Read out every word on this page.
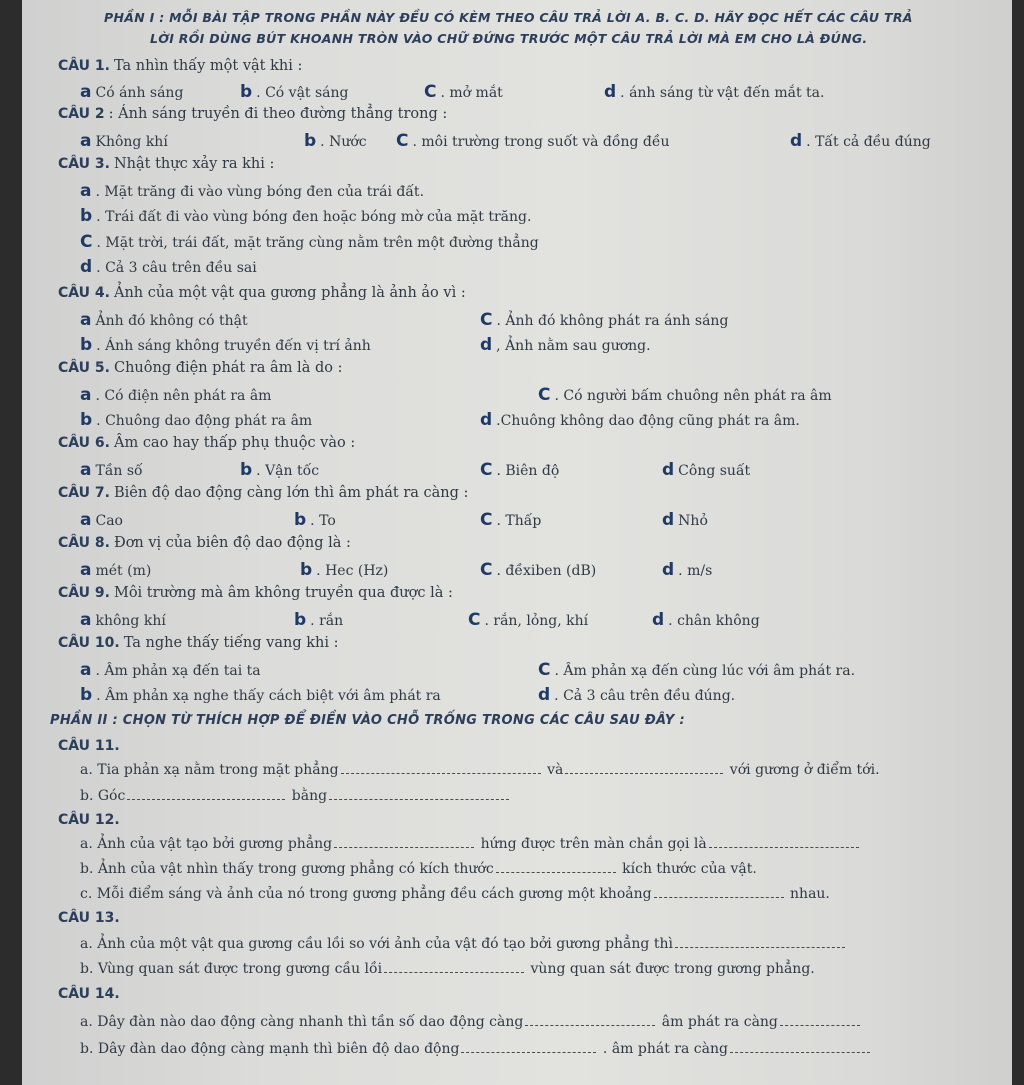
PHẦN I : MỖI BÀI TẬP TRONG PHẦN NÀY ĐỀU CÓ KÈM THEO CÂU TRẢ LỜI A. B. C. D. HÃY ĐỌC HẾT CÁC CÂU TRẢ
LỜI RỒI DÙNG BÚT KHOANH TRÒN VÀO CHỮ ĐỨNG TRƯỚC MỘT CÂU TRẢ LỜI MÀ EM CHO LÀ ĐÚNG.
CÂU 1. Ta nhìn thấy một vật khi :
a Có ánh sáng	b . Có vật sáng	C . mở mắt	d . ánh sáng từ vật đến mắt ta.
CÂU 2 : Ánh sáng truyền đi theo đường thẳng trong :
a Không khí	b . Nước C . môi trường trong suốt và đồng đều	d . Tất cả đều đúng
CÂU 3. Nhật thực xảy ra khi :
a . Mặt trăng đi vào vùng bóng đen của trái đất.
b . Trái đất đi vào vùng bóng đen hoặc bóng mờ của mặt trăng.
C . Mặt trời, trái đất, mặt trăng cùng nằm trên một đường thẳng
d . Cả 3 câu trên đều sai
CÂU 4. Ảnh của một vật qua gương phẳng là ảnh ảo vì :
a Ảnh đó không có thật	C . Ảnh đó không phát ra ánh sáng
b . Ánh sáng không truyền đến vị trí ảnh	d , Ảnh nằm sau gương.
CÂU 5. Chuông điện phát ra âm là do :
a . Có điện nên phát ra âm	C . Có người bấm chuông nên phát ra âm
b . Chuông dao động phát ra âm	d .Chuông không dao động cũng phát ra âm.
CÂU 6. Âm cao hay thấp phụ thuộc vào :
a Tần số	b . Vận tốc	C . Biên độ	d Công suất
CÂU 7. Biên độ dao động càng lớn thì âm phát ra càng :
a Cao	b . To	C . Thấp	d Nhỏ
CÂU 8. Đơn vị của biên độ dao động là :
a mét (m)	b . Hec (Hz)	C . đềxiben (dB)	d . m/s
CÂU 9. Môi trường mà âm không truyền qua được là :
a không khí	b . rắn	C . rắn, lỏng, khí	d . chân không
CÂU 10. Ta nghe thấy tiếng vang khi :
a . Âm phản xạ đến tai ta	C . Âm phản xạ đến cùng lúc với âm phát ra.
b . Âm phản xạ nghe thấy cách biệt với âm phát ra	d . Cả 3 câu trên đều đúng.
PHẦN II : CHỌN TỪ THÍCH HỢP ĐỂ ĐIỀN VÀO CHỖ TRỐNG TRONG CÁC CÂU SAU ĐÂY :
CÂU 11.
a. Tia phản xạ nằm trong mặt phẳng	và	với gương ở điểm tới.
b. Góc	bằng
CÂU 12.
a. Ảnh của vật tạo bởi gương phẳng	hứng được trên màn chắn gọi là
b. Ảnh của vật nhìn thấy trong gương phẳng có kích thước	kích thước của vật.
c. Mỗi điểm sáng và ảnh của nó trong gương phẳng đều cách gương một khoảng	nhau.
CÂU 13.
a. Ảnh của một vật qua gương cầu lồi so với ảnh của vật đó tạo bởi gương phẳng thì
b. Vùng quan sát được trong gương cầu lồi	vùng quan sát được trong gương phẳng.
CÂU 14.
a. Dây đàn nào dao động càng nhanh thì tần số dao động càng	âm phát ra càng
b. Dây đàn dao động càng mạnh thì biên độ dao động	. âm phát ra càng
